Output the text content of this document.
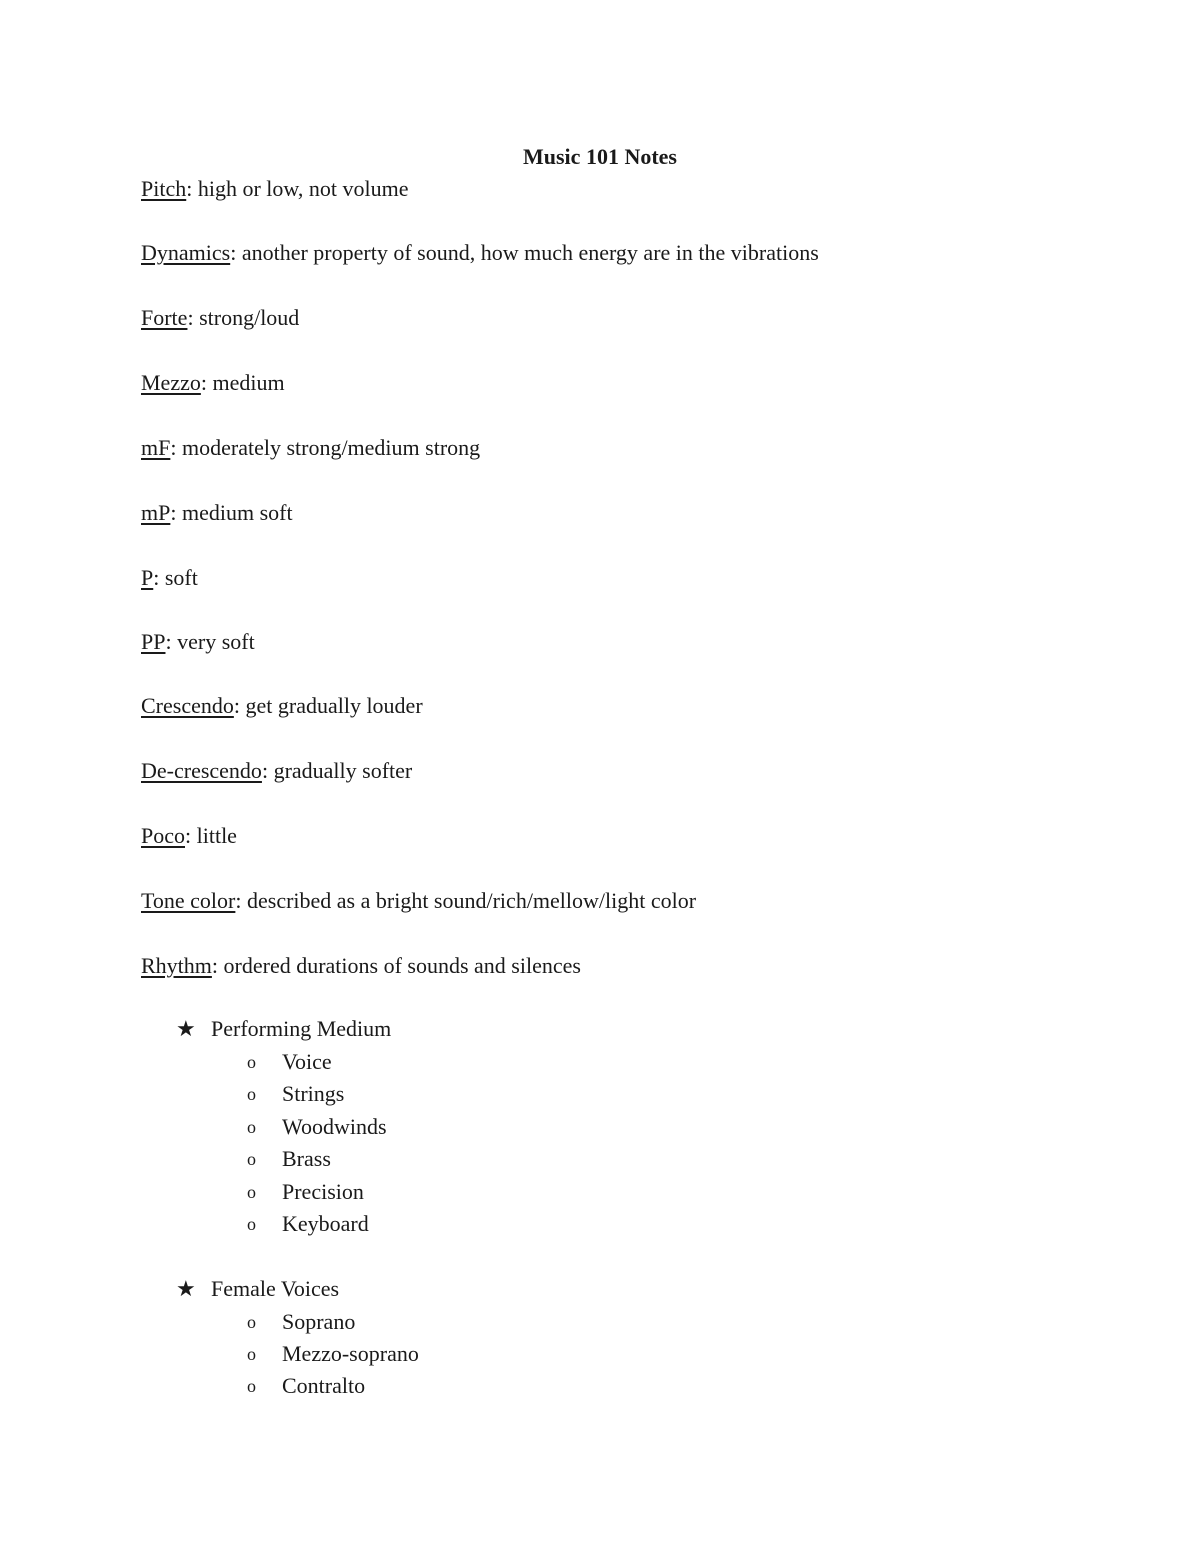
Music 101 Notes
Pitch: high or low, not volume
Dynamics: another property of sound, how much energy are in the vibrations
Forte: strong/loud
Mezzo: medium
mF: moderately strong/medium strong
mP: medium soft
P: soft
PP: very soft
Crescendo: get gradually louder
De-crescendo: gradually softer
Poco: little
Tone color: described as a bright sound/rich/mellow/light color
Rhythm: ordered durations of sounds and silences
★ Performing Medium
o	Voice
o	Strings
o	Woodwinds
o	Brass
o	Precision
o	Keyboard
★ Female Voices
o	Soprano
o	Mezzo-soprano
o	Contralto
